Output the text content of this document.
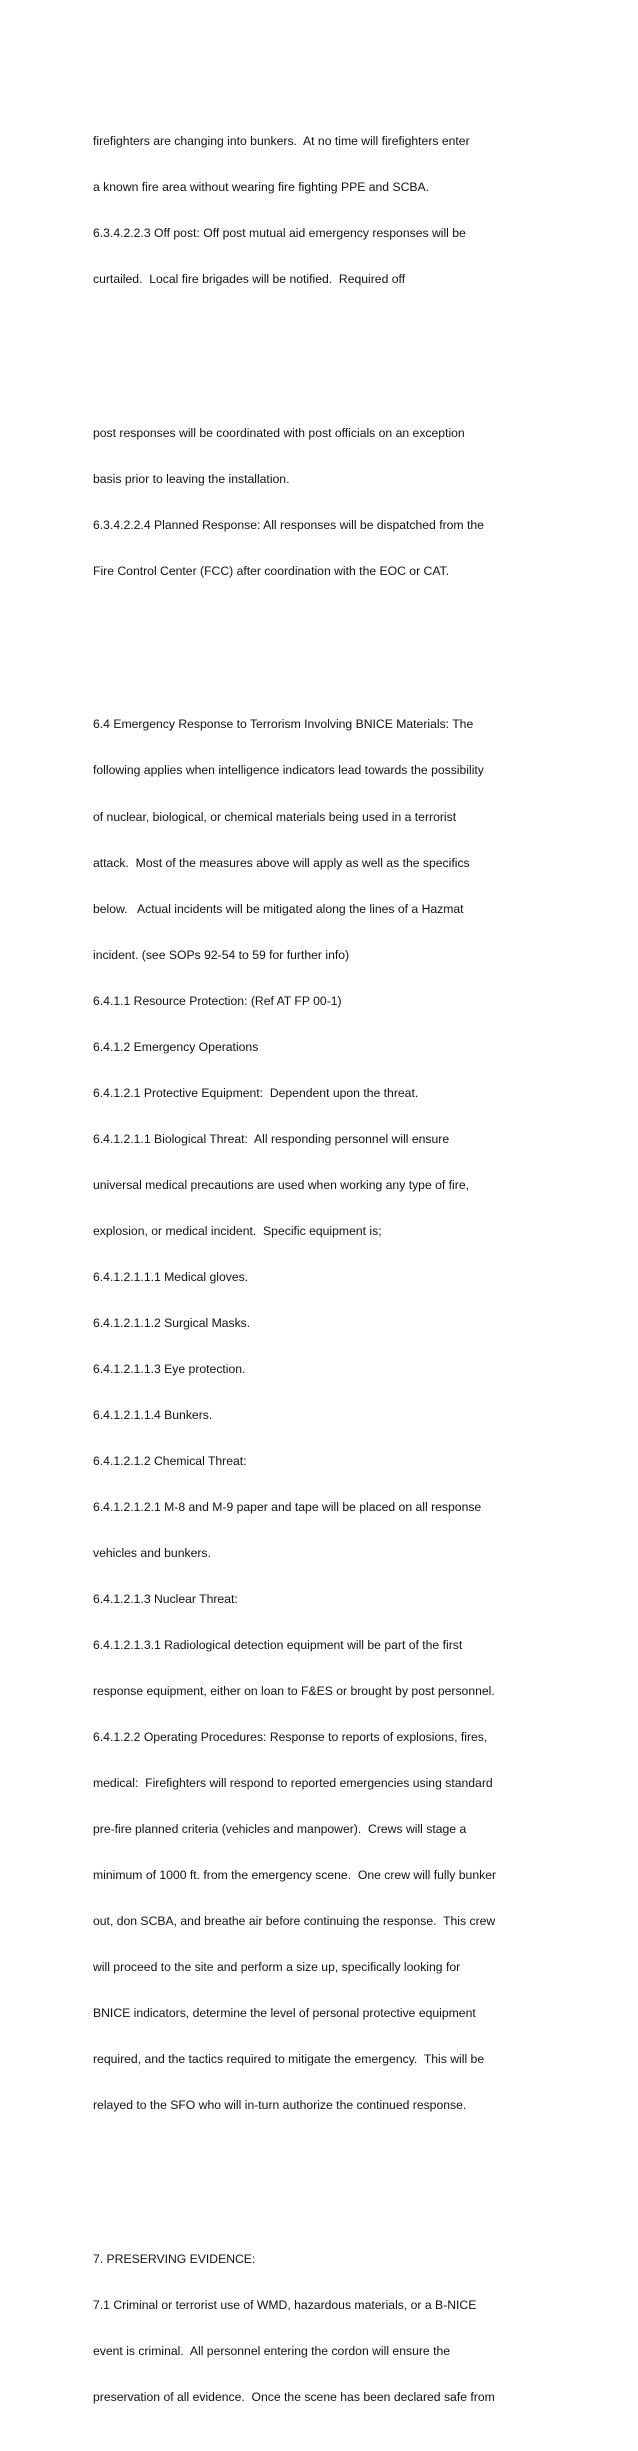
firefighters are changing into bunkers.  At no time will firefighters enter

a known fire area without wearing fire fighting PPE and SCBA.

6.3.4.2.2.3 Off post: Off post mutual aid emergency responses will be

curtailed.  Local fire brigades will be notified.  Required off

post responses will be coordinated with post officials on an exception

basis prior to leaving the installation.

6.3.4.2.2.4 Planned Response: All responses will be dispatched from the

Fire Control Center (FCC) after coordination with the EOC or CAT.

6.4 Emergency Response to Terrorism Involving BNICE Materials: The

following applies when intelligence indicators lead towards the possibility

of nuclear, biological, or chemical materials being used in a terrorist

attack.  Most of the measures above will apply as well as the specifics

below.   Actual incidents will be mitigated along the lines of a Hazmat

incident. (see SOPs 92-54 to 59 for further info)

6.4.1.1 Resource Protection: (Ref AT FP 00-1)

6.4.1.2 Emergency Operations

6.4.1.2.1 Protective Equipment:  Dependent upon the threat.

6.4.1.2.1.1 Biological Threat:  All responding personnel will ensure

universal medical precautions are used when working any type of fire,

explosion, or medical incident.  Specific equipment is;

6.4.1.2.1.1.1 Medical gloves.

6.4.1.2.1.1.2 Surgical Masks.

6.4.1.2.1.1.3 Eye protection.

6.4.1.2.1.1.4 Bunkers.

6.4.1.2.1.2 Chemical Threat:

6.4.1.2.1.2.1 M-8 and M-9 paper and tape will be placed on all response

vehicles and bunkers.

6.4.1.2.1.3 Nuclear Threat:

6.4.1.2.1.3.1 Radiological detection equipment will be part of the first

response equipment, either on loan to F&ES or brought by post personnel.

6.4.1.2.2 Operating Procedures: Response to reports of explosions, fires,

medical:  Firefighters will respond to reported emergencies using standard

pre-fire planned criteria (vehicles and manpower).  Crews will stage a

minimum of 1000 ft. from the emergency scene.  One crew will fully bunker

out, don SCBA, and breathe air before continuing the response.  This crew

will proceed to the site and perform a size up, specifically looking for

BNICE indicators, determine the level of personal protective equipment

required, and the tactics required to mitigate the emergency.  This will be

relayed to the SFO who will in-turn authorize the continued response.

7. PRESERVING EVIDENCE:

7.1 Criminal or terrorist use of WMD, hazardous materials, or a B-NICE

event is criminal.  All personnel entering the cordon will ensure the

preservation of all evidence.  Once the scene has been declared safe from
